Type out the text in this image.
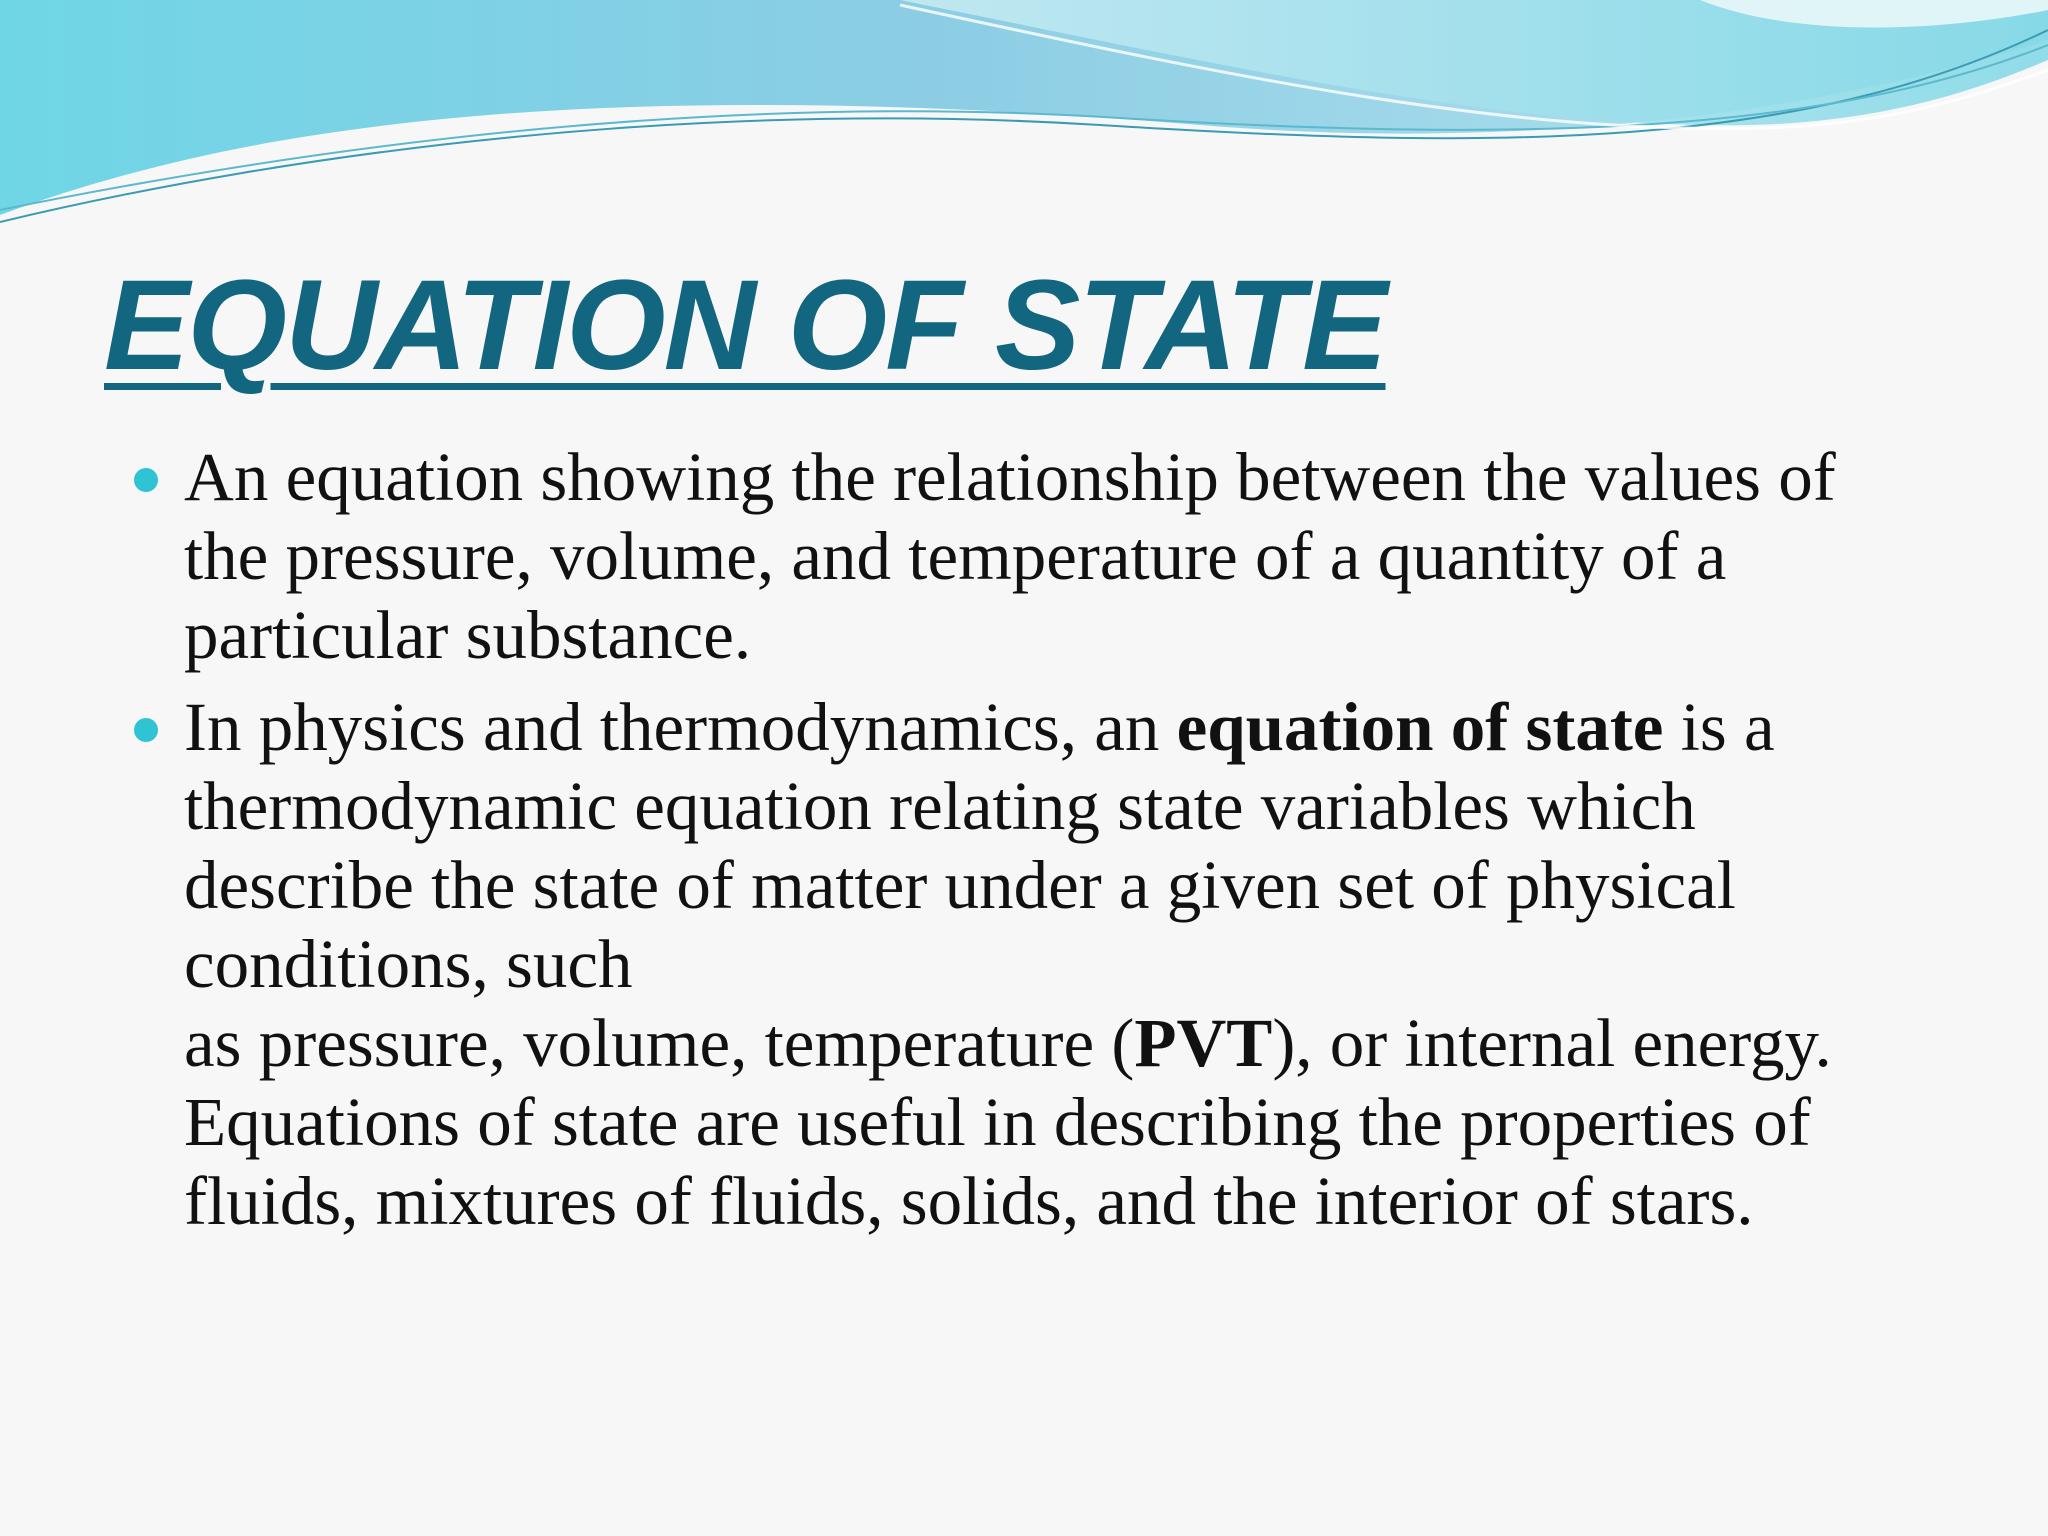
EQUATION OF STATE
An equation showing the relationship between the values of the pressure, volume, and temperature of a quantity of a particular substance.
In physics and thermodynamics, an equation of state is a thermodynamic equation relating state variables which describe the state of matter under a given set of physical conditions, such
as pressure, volume, temperature (PVT), or internal energy. Equations of state are useful in describing the properties of fluids, mixtures of fluids, solids, and the interior of stars.
